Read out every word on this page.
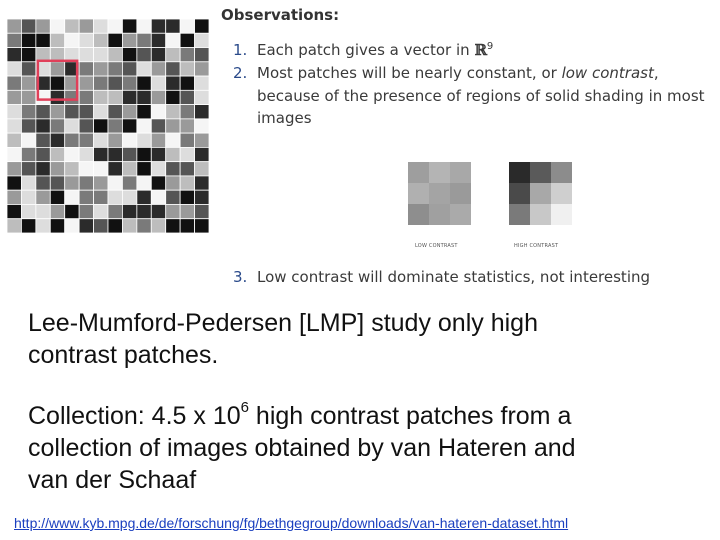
Observations:
1. Each patch gives a vector in ℝ$^9$
2. Most patches will be nearly constant, or low contrast,
because of the presence of regions of solid shading in most
images
LOW CONTRAST	HIGH CONTRAST
3. Low contrast will dominate statistics, not interesting
Lee-Mumford-Pedersen [LMP] study only high
contrast patches.
Collection: 4.5 x $10^6$ high contrast patches from a
collection of images obtained by van Hateren and
van der Schaaf
http://www.kyb.mpg.de/de/forschung/fg/bethgegroup/downloads/van-hateren-dataset.html
